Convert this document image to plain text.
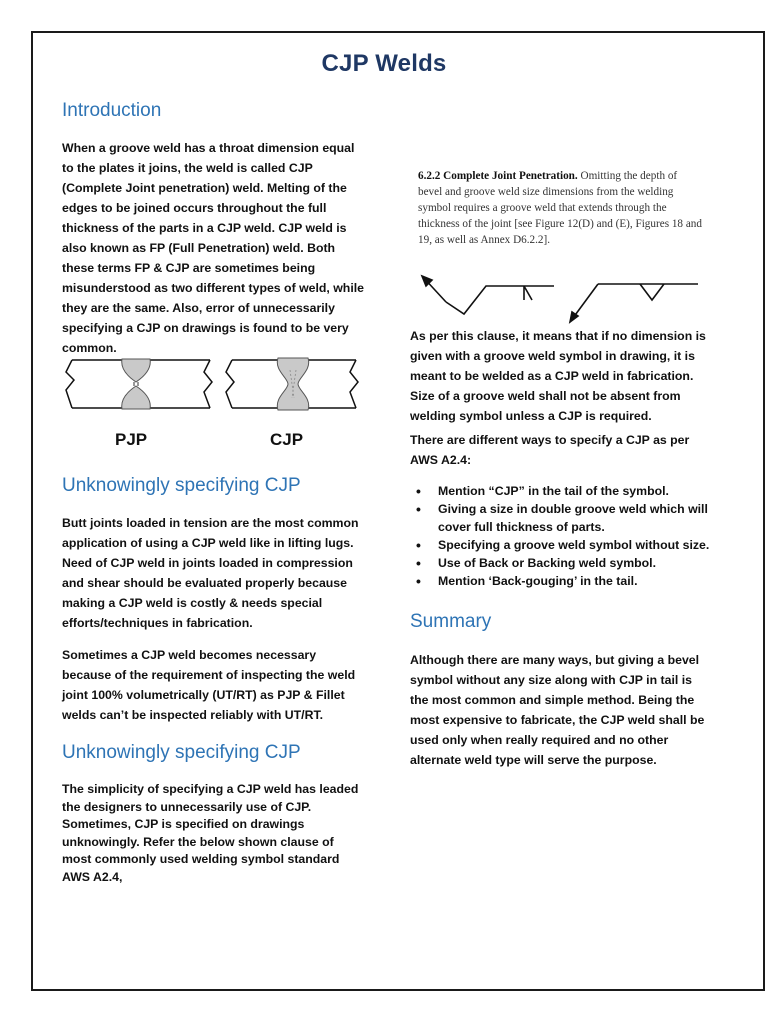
CJP Welds
Introduction

When a groove weld has a throat dimension equal to the plates it joins, the weld is called CJP (Complete Joint penetration) weld. Melting of the edges to be joined occurs throughout the full thickness of the parts in a CJP weld. CJP weld is also known as FP (Full Penetration) weld. Both these terms FP & CJP are sometimes being misunderstood as two different types of weld, while they are the same. Also, error of unnecessarily specifying a CJP on drawings is found to be very common.

PJP	CJP
Unknowingly specifying CJP

Butt joints loaded in tension are the most common application of using a CJP weld like in lifting lugs. Need of CJP weld in joints loaded in compression and shear should be evaluated properly because making a CJP weld is costly & needs special efforts/techniques in fabrication.

Sometimes a CJP weld becomes necessary because of the requirement of inspecting the weld joint 100% volumetrically (UT/RT) as PJP & Fillet welds can’t be inspected reliably with UT/RT.

Unknowingly specifying CJP

The simplicity of specifying a CJP weld has leaded the designers to unnecessarily use of CJP. Sometimes, CJP is specified on drawings unknowingly. Refer the below shown clause of most commonly used welding symbol standard AWS A2.4,

6.2.2 Complete Joint Penetration. Omitting the depth of bevel and groove weld size dimensions from the welding symbol requires a groove weld that extends through the thickness of the joint [see Figure 12(D) and (E), Figures 18 and 19, as well as Annex D6.2.2].

As per this clause, it means that if no dimension is given with a groove weld symbol in drawing, it is meant to be welded as a CJP weld in fabrication. Size of a groove weld shall not be absent from welding symbol unless a CJP is required.

There are different ways to specify a CJP as per AWS A2.4:

• Mention “CJP” in the tail of the symbol.
• Giving a size in double groove weld which will cover full thickness of parts.
• Specifying a groove weld symbol without size.
• Use of Back or Backing weld symbol.
• Mention ‘Back-gouging’ in the tail.
Summary

Although there are many ways, but giving a bevel symbol without any size along with CJP in tail is the most common and simple method. Being the most expensive to fabricate, the CJP weld shall be used only when really required and no other alternate weld type will serve the purpose.
